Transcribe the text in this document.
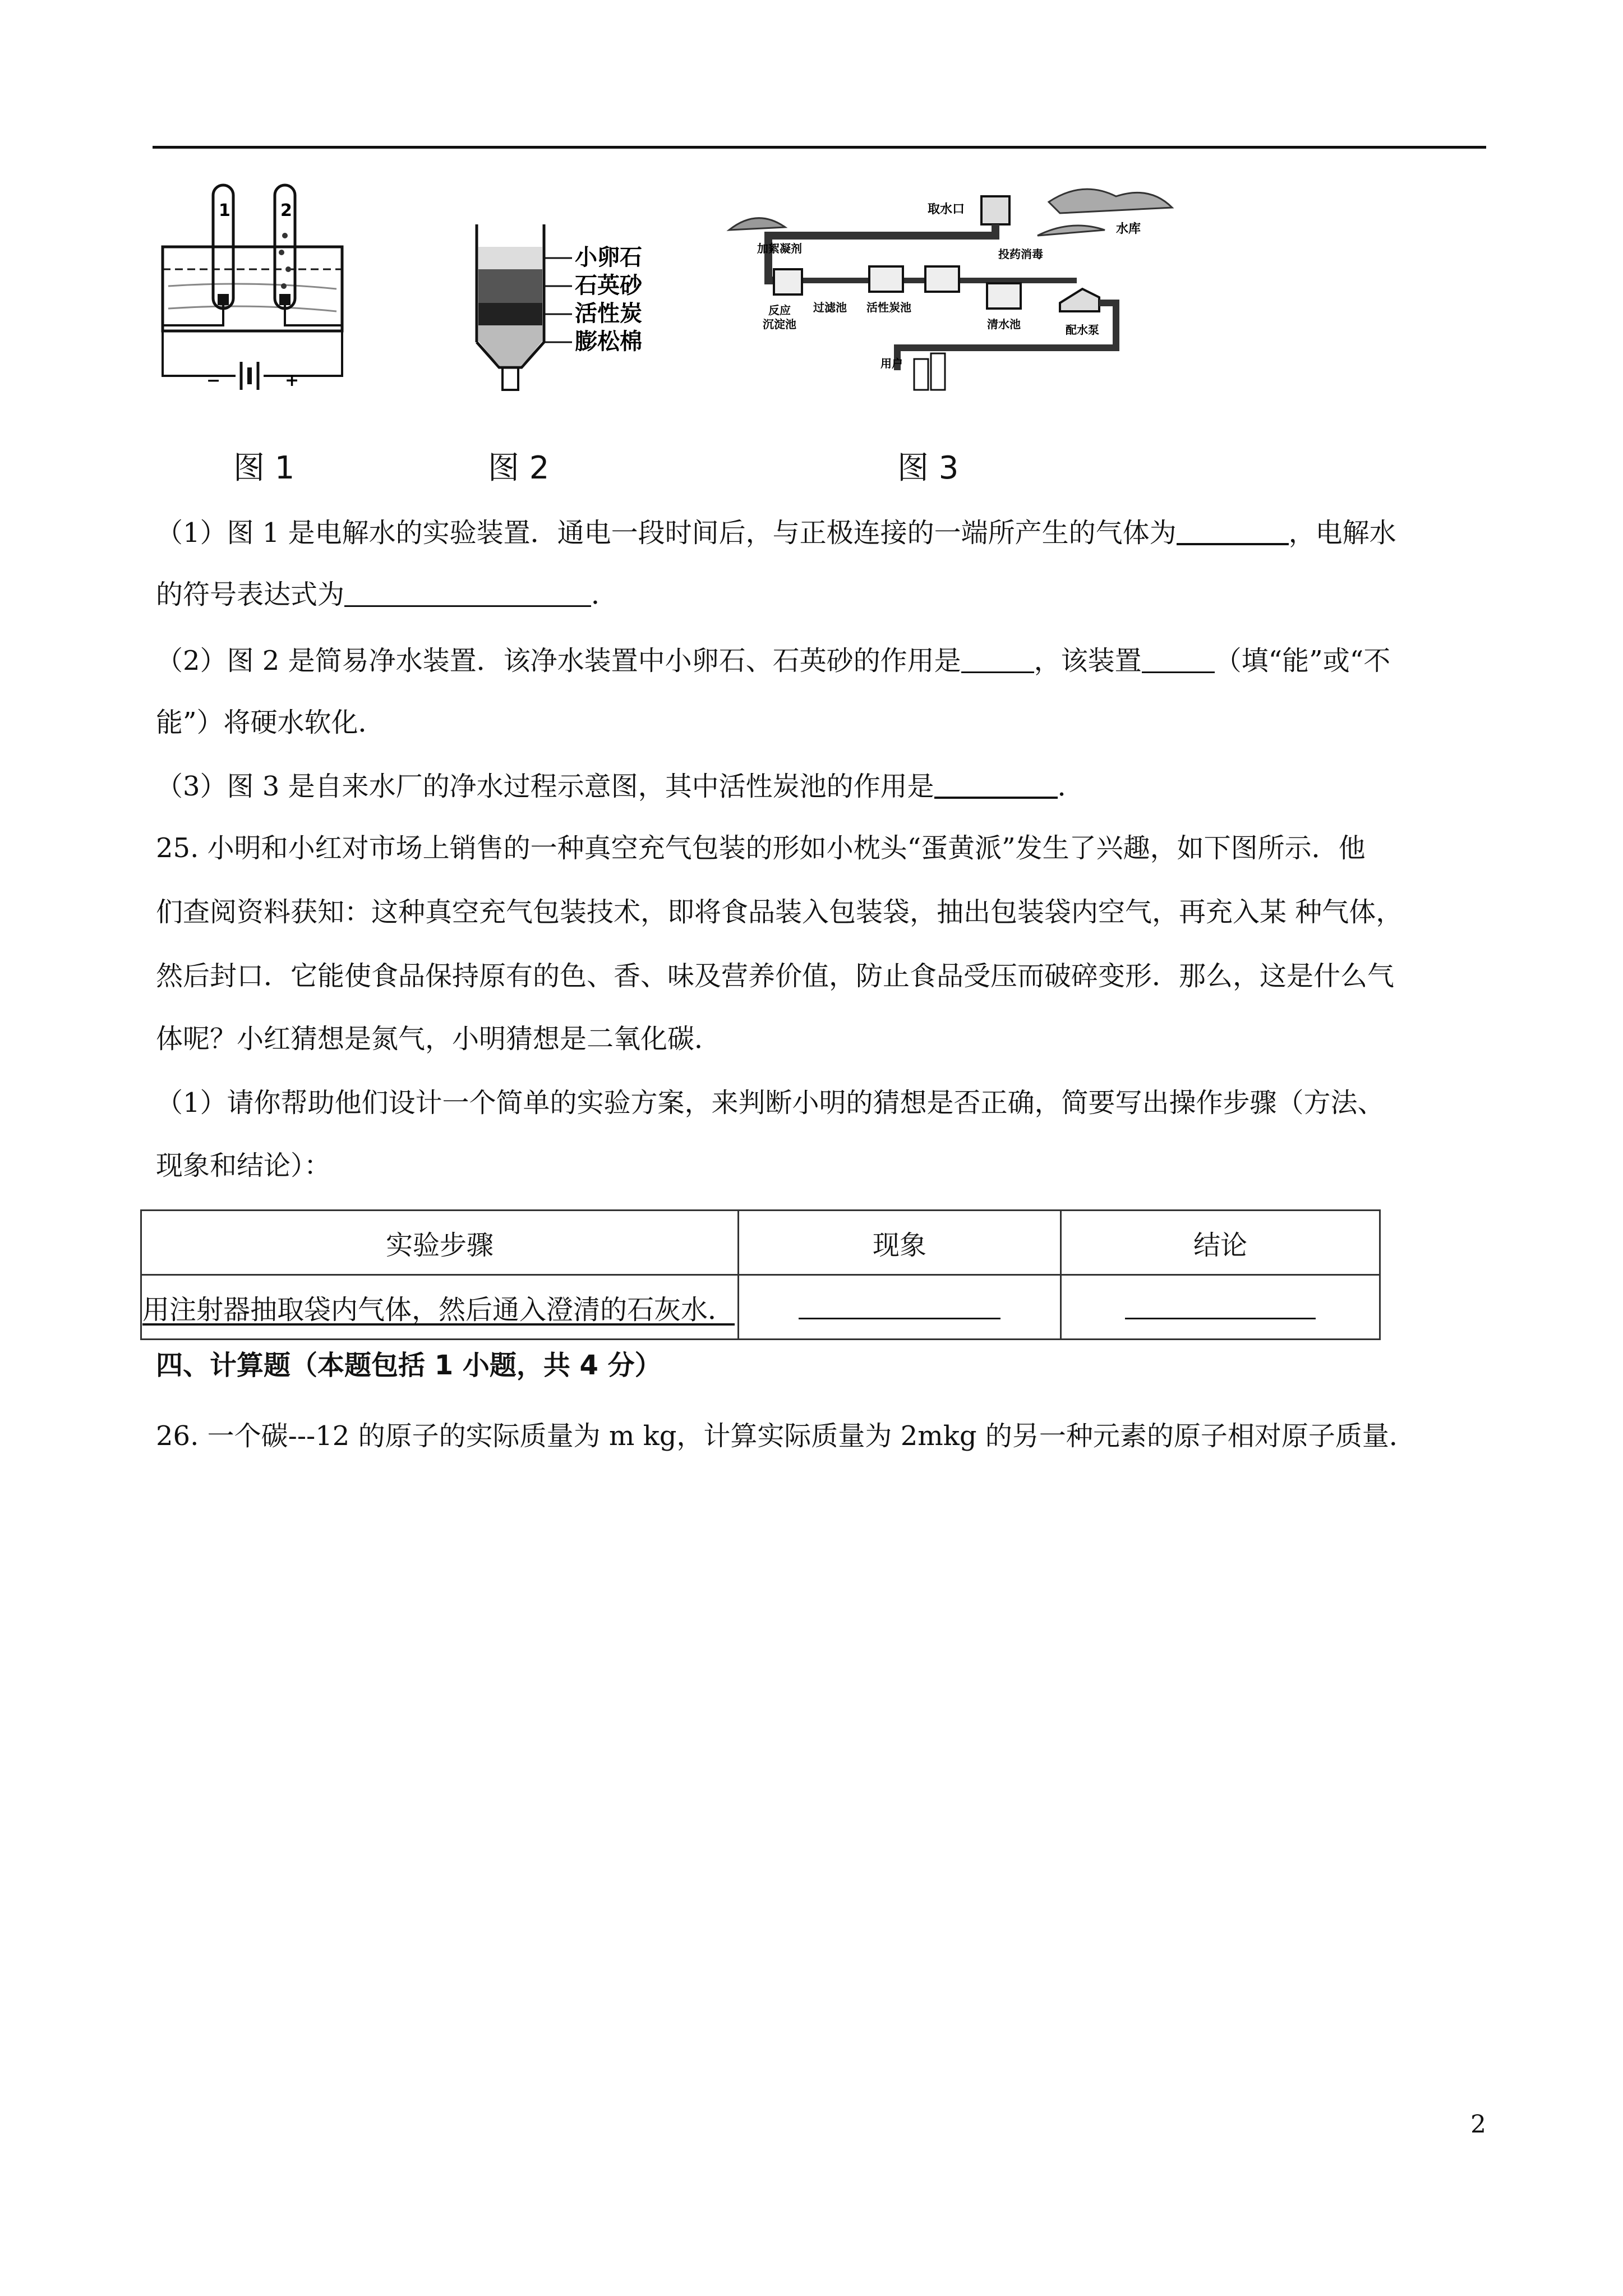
1	2
−	+
图 1
小卵石
石英砂
活性炭
膨松棉
图 2
取水口
水库
加絮凝剂
反应
沉淀池
过滤池 活性炭池
清水池
投药消毒
配水泵
用户
图 3
（1）图 1 是电解水的实验装置．通电一段时间后，与正极连接的一端所产生的气体为	，电解水
的符号表达式为	．
（2）图 2 是简易净水装置．该净水装置中小卵石、石英砂的作用是	，该装置	（填“能”或“不
能”）将硬水软化．
（3）图 3 是自来水厂的净水过程示意图，其中活性炭池的作用是	．
25. 小明和小红对市场上销售的一种真空充气包装的形如小枕头“蛋黄派”发生了兴趣，如下图所示．他
们查阅资料获知：这种真空充气包装技术，即将食品装入包装袋，抽出包装袋内空气，再充入某 种气体，
然后封口．它能使食品保持原有的色、香、味及营养价值，防止食品受压而破碎变形．那么，这是什么气
体呢？小红猜想是氮气，小明猜想是二氧化碳．
（1）请你帮助他们设计一个简单的实验方案，来判断小明的猜想是否正确，简要写出操作步骤（方法、
现象和结论）：
实验步骤	现象	结论
用注射器抽取袋内气体，然后通入澄清的石灰水．		
四、计算题（本题包括 1 小题，共 4 分）
26. 一个碳---12 的原子的实际质量为 m kg，计算实际质量为 2mkg 的另一种元素的原子相对原子质量．
2
